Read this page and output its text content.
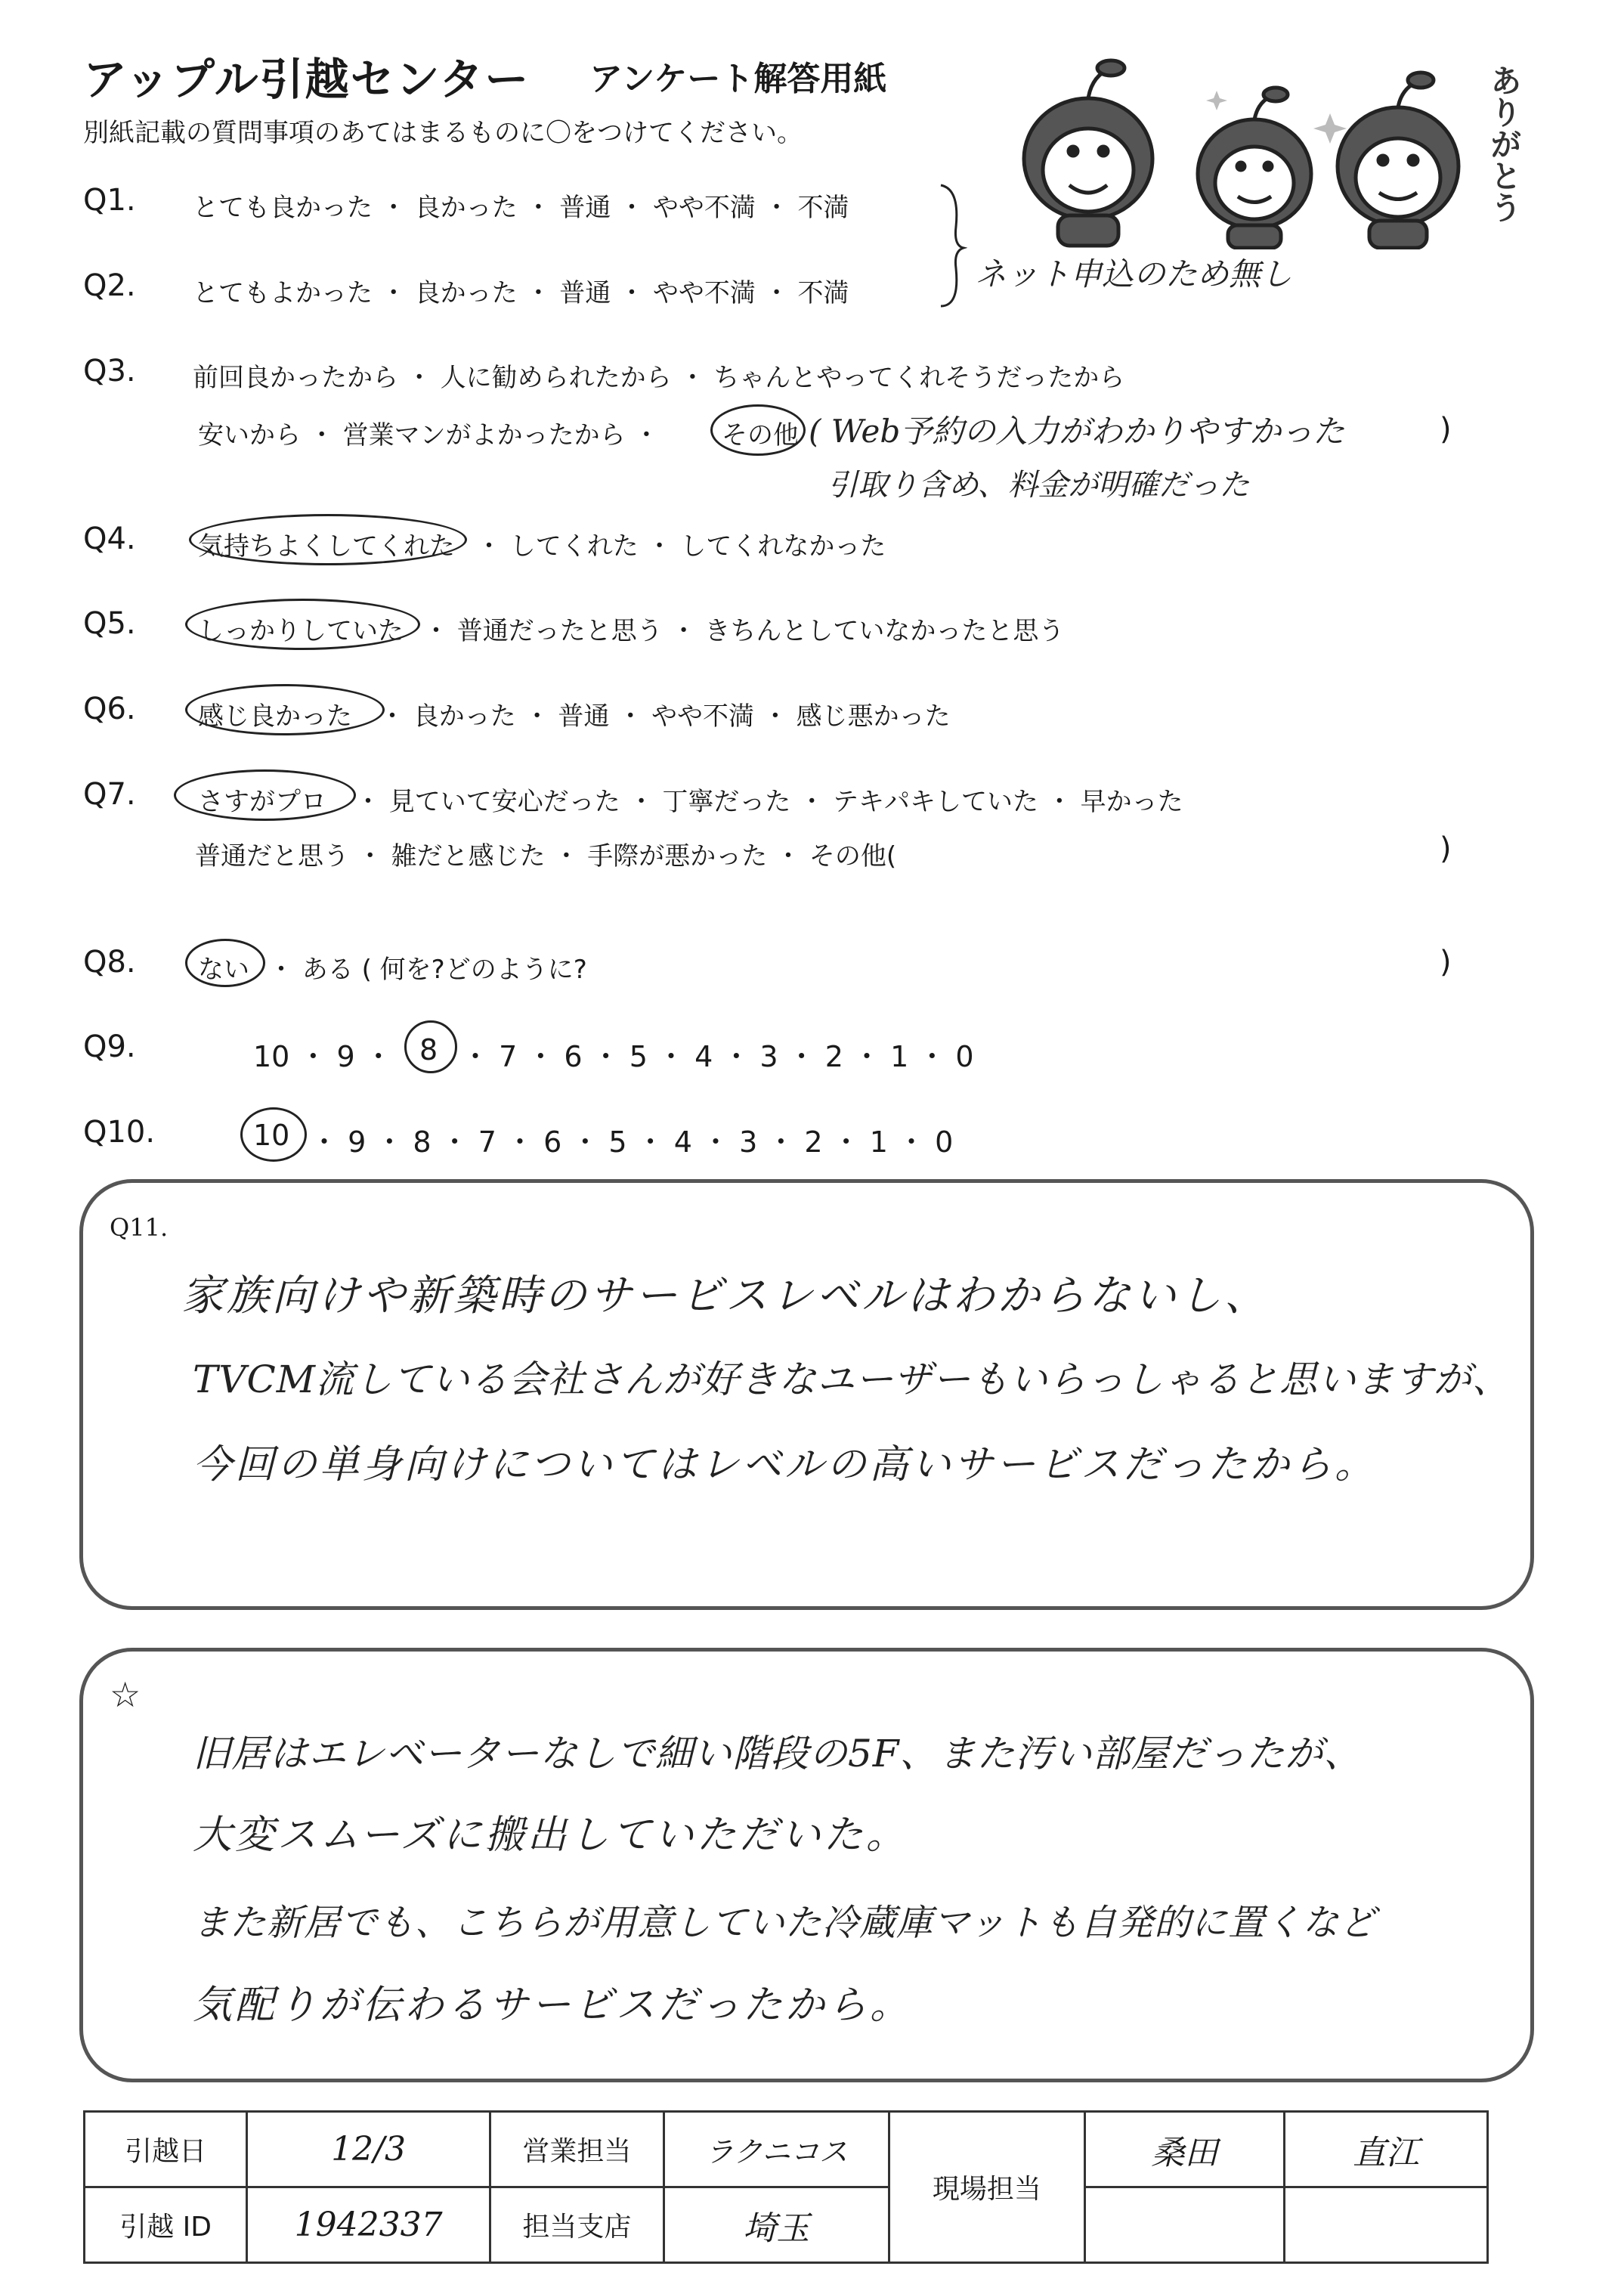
アップル引越センター アンケート解答用紙
別紙記載の質問事項のあてはまるものに〇をつけてください。	ありがとう
Q1. とても良かった ・ 良かった ・ 普通 ・ やや不満 ・ 不満
Q2. とてもよかった ・ 良かった ・ 普通 ・ やや不満 ・ 不満
ネット申込のため無し
Q3. 前回良かったから ・ 人に勧められたから ・ ちゃんとやってくれそうだったから
安いから ・ 営業マンがよかったから ・ その他 ( Web予約の入力がわかりやすかった	)
引取り含め、料金が明確だった
Q4. 気持ちよくしてくれた ・ してくれた ・ してくれなかった
Q5. しっかりしていた ・ 普通だったと思う ・ きちんとしていなかったと思う
Q6. 感じ良かった ・ 良かった ・ 普通 ・ やや不満 ・ 感じ悪かった
Q7. さすがプロ ・ 見ていて安心だった ・ 丁寧だった ・ テキパキしていた ・ 早かった
普通だと思う ・ 雑だと感じた ・ 手際が悪かった ・ その他(	)
Q8. ない ・ ある ( 何を?どのように?	)
Q9.	10 ・ 9 ・ 8 ・ 7 ・ 6 ・ 5 ・ 4 ・ 3 ・ 2 ・ 1 ・ 0
Q10.	10 ・ 9 ・ 8 ・ 7 ・ 6 ・ 5 ・ 4 ・ 3 ・ 2 ・ 1 ・ 0
Q11.
家族向けや新築時のサービスレベルはわからないし、
TVCM流している会社さんが好きなユーザーもいらっしゃると思いますが、
今回の単身向けについてはレベルの高いサービスだったから。
☆
旧居はエレベーターなしで細い階段の5F、また汚い部屋だったが、
大変スムーズに搬出していただいた。
また新居でも、こちらが用意していた冷蔵庫マットも自発的に置くなど
気配りが伝わるサービスだったから。
引越日	12/3	営業担当	ラクニコス	現場担当	桑田	直江
引越 ID	1942337	担当支店	埼玉			
